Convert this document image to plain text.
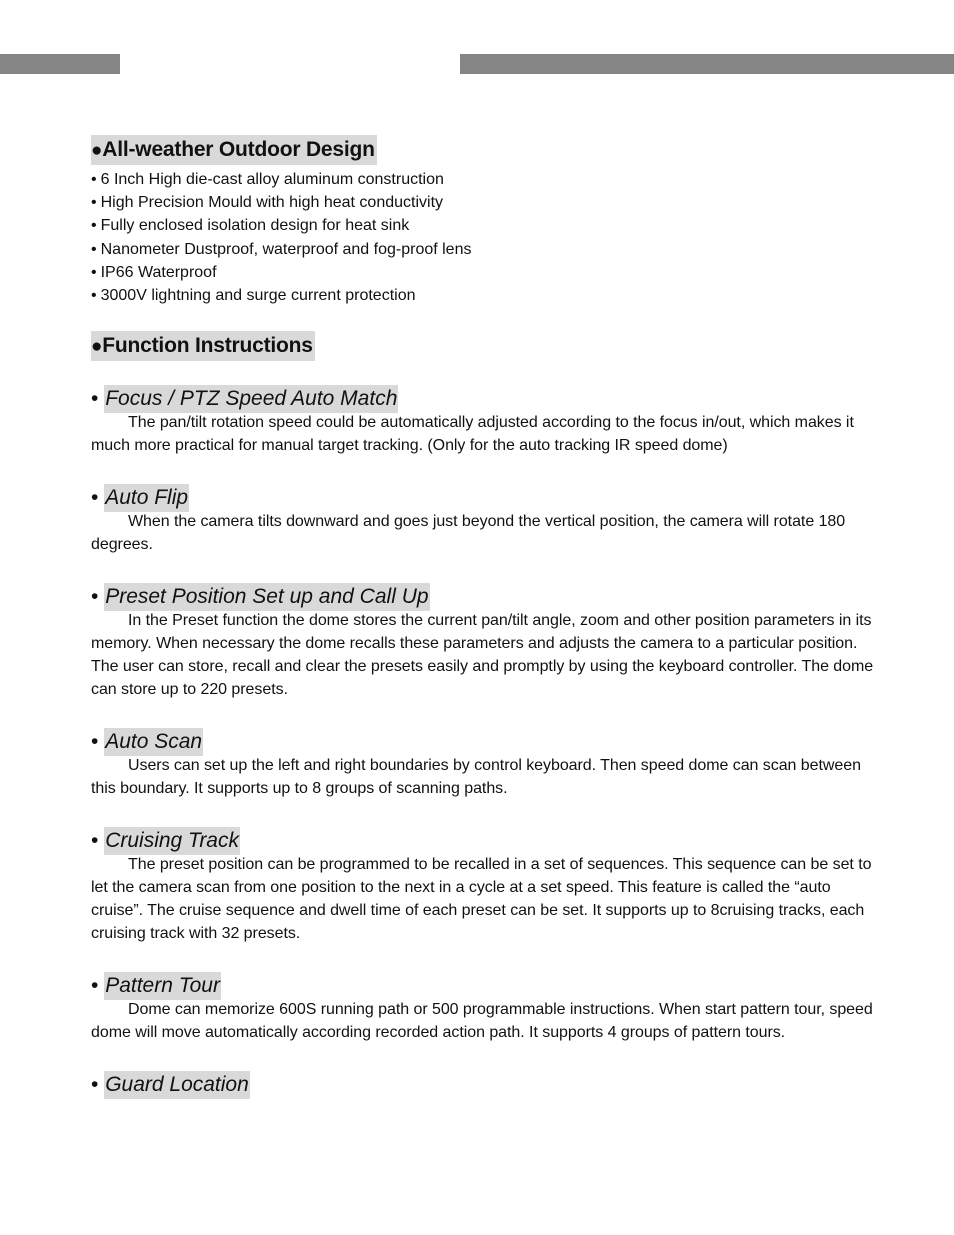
●All-weather Outdoor Design
• 6 Inch High die-cast alloy aluminum construction
• High Precision Mould with high heat conductivity
• Fully enclosed isolation design for heat sink
• Nanometer Dustproof, waterproof and fog-proof lens
• IP66 Waterproof
• 3000V lightning and surge current protection
●Function Instructions
• Focus / PTZ Speed Auto Match

The pan/tilt rotation speed could be automatically adjusted according to the focus in/out, which makes it much more practical for manual target tracking. (Only for the auto tracking IR speed dome)

• Auto Flip

When the camera tilts downward and goes just beyond the vertical position, the camera will rotate 180 degrees.

• Preset Position Set up and Call Up

In the Preset function the dome stores the current pan/tilt angle, zoom and other position parameters in its memory. When necessary the dome recalls these parameters and adjusts the camera to a particular position. The user can store, recall and clear the presets easily and promptly by using the keyboard controller. The dome can store up to 220 presets.

• Auto Scan

Users can set up the left and right boundaries by control keyboard. Then speed dome can scan between this boundary. It supports up to 8 groups of scanning paths.

• Cruising Track

The preset position can be programmed to be recalled in a set of sequences. This sequence can be set to let the camera scan from one position to the next in a cycle at a set speed. This feature is called the “auto cruise”. The cruise sequence and dwell time of each preset can be set. It supports up to 8cruising tracks, each cruising track with 32 presets.

• Pattern Tour

Dome can memorize 600S running path or 500 programmable instructions. When start pattern tour, speed dome will move automatically according recorded action path. It supports 4 groups of pattern tours.

• Guard Location
